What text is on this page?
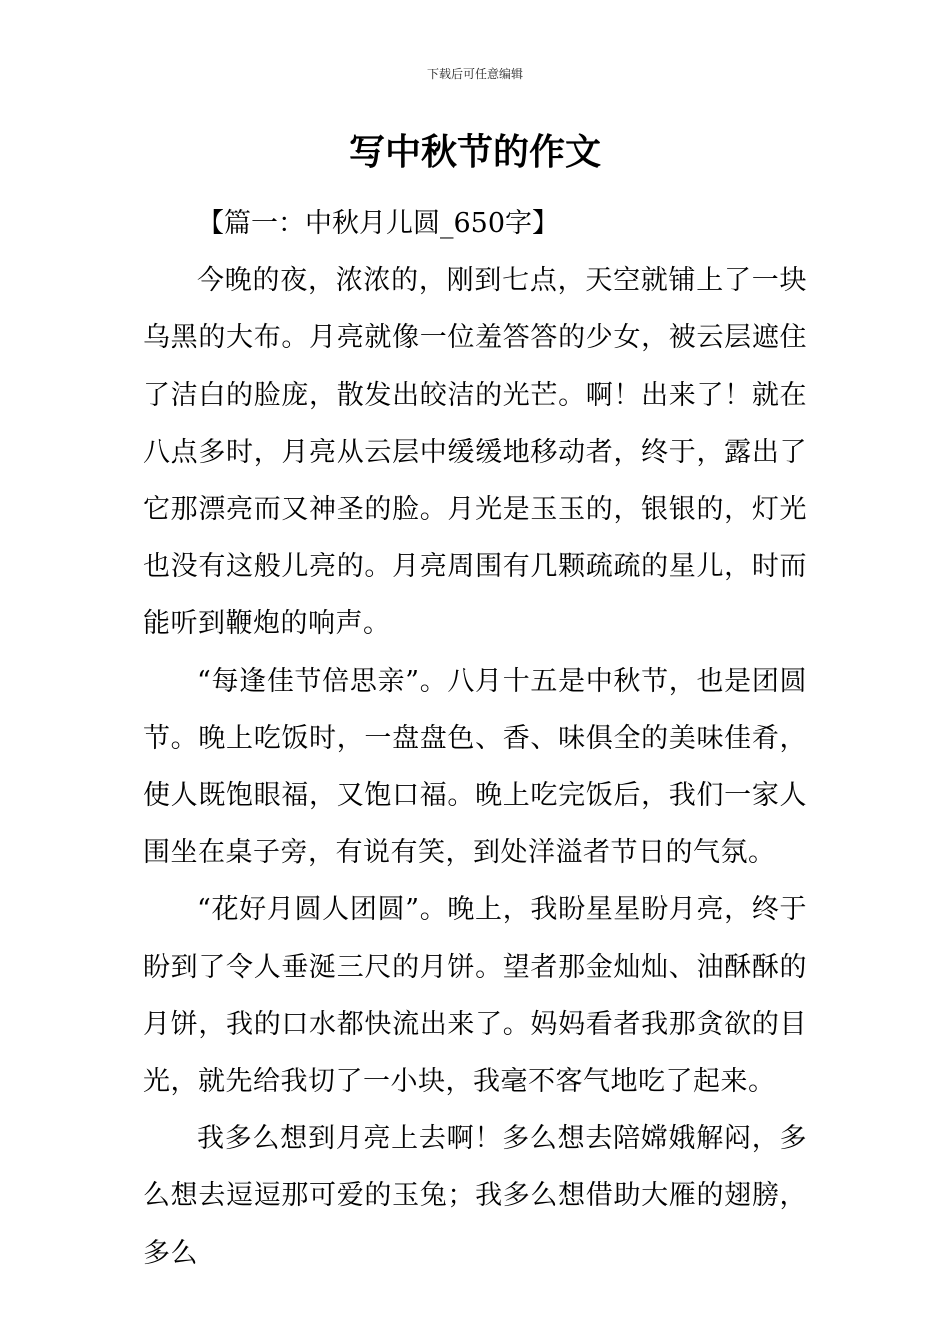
下载后可任意编辑
写中秋节的作文

【篇一：中秋月儿圆_650字】

今晚的夜，浓浓的，刚到七点，天空就铺上了一块乌黑的大布。月亮就像一位羞答答的少女，被云层遮住了洁白的脸庞，散发出皎洁的光芒。啊！出来了！就在八点多时，月亮从云层中缓缓地移动者，终于，露出了它那漂亮而又神圣的脸。月光是玉玉的，银银的，灯光也没有这般儿亮的。月亮周围有几颗疏疏的星儿，时而能听到鞭炮的响声。

“每逢佳节倍思亲”。八月十五是中秋节，也是团圆节。晚上吃饭时，一盘盘色、香、味俱全的美味佳肴，使人既饱眼福，又饱口福。晚上吃完饭后，我们一家人围坐在桌子旁，有说有笑，到处洋溢者节日的气氛。

“花好月圆人团圆”。晚上，我盼星星盼月亮，终于盼到了令人垂涎三尺的月饼。望者那金灿灿、油酥酥的月饼，我的口水都快流出来了。妈妈看者我那贪欲的目光，就先给我切了一小块，我毫不客气地吃了起来。

我多么想到月亮上去啊！多么想去陪嫦娥解闷，多么想去逗逗那可爱的玉兔；我多么想借助大雁的翅膀，多么
